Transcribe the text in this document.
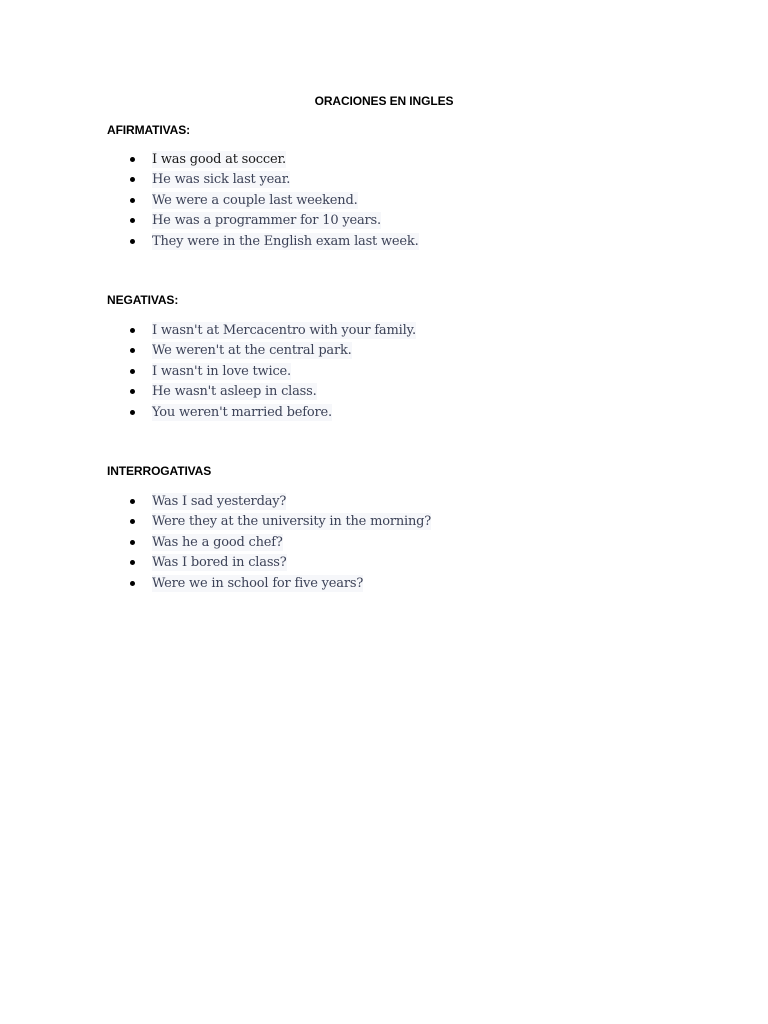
ORACIONES EN INGLES

AFIRMATIVAS:

I was good at soccer.
He was sick last year.
We were a couple last weekend.
He was a programmer for 10 years.
They were in the English exam last week.

NEGATIVAS:

I wasn't at Mercacentro with your family.
We weren't at the central park.
I wasn't in love twice.
He wasn't asleep in class.
You weren't married before.

INTERROGATIVAS

Was I sad yesterday?
Were they at the university in the morning?
Was he a good chef?
Was I bored in class?
Were we in school for five years?
